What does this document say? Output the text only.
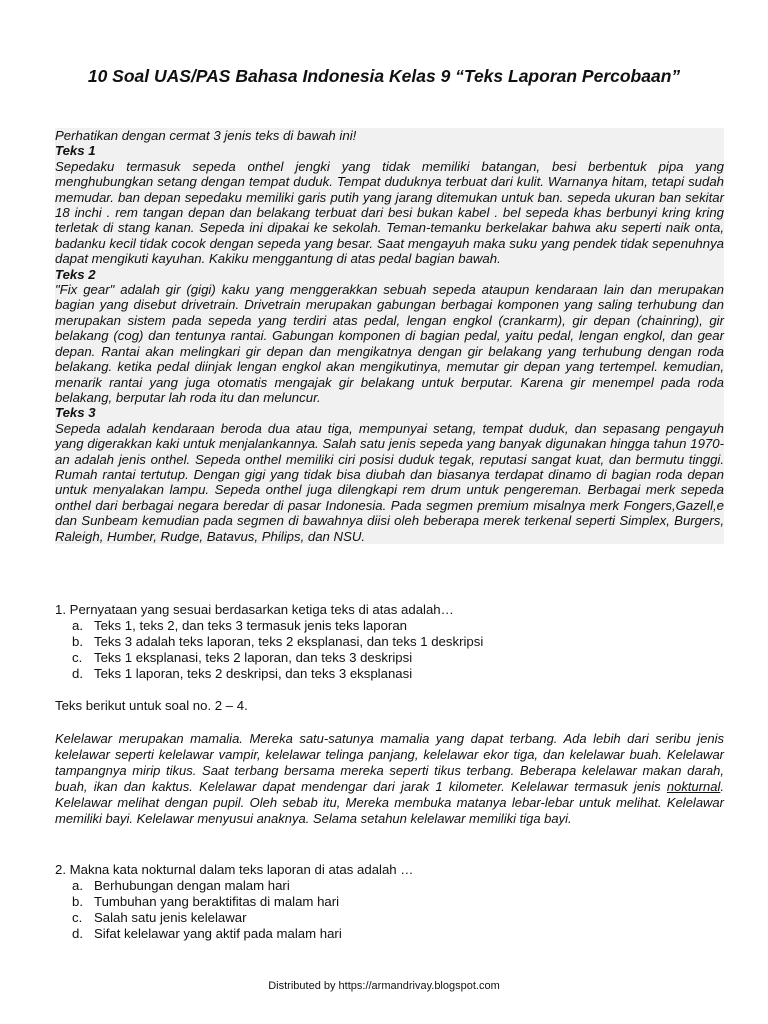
10 Soal UAS/PAS Bahasa Indonesia Kelas 9 “Teks Laporan Percobaan”
Perhatikan dengan cermat 3 jenis teks di bawah ini!
Teks 1
Sepedaku termasuk sepeda onthel jengki yang tidak memiliki batangan, besi berbentuk pipa yang menghubungkan setang dengan tempat duduk. Tempat duduknya terbuat dari kulit. Warnanya hitam, tetapi sudah memudar. ban depan sepedaku memiliki garis putih yang jarang ditemukan untuk ban. sepeda ukuran ban sekitar 18 inchi . rem tangan depan dan belakang terbuat dari besi bukan kabel . bel sepeda khas berbunyi kring kring terletak di stang kanan. Sepeda ini dipakai ke sekolah. Teman-temanku berkelakar bahwa aku seperti naik onta, badanku kecil tidak cocok dengan sepeda yang besar. Saat mengayuh maka suku yang pendek tidak sepenuhnya dapat mengikuti kayuhan. Kakiku menggantung di atas pedal bagian bawah.
Teks 2
"Fix gear" adalah gir (gigi) kaku yang menggerakkan sebuah sepeda ataupun kendaraan lain dan merupakan bagian yang disebut drivetrain. Drivetrain merupakan gabungan berbagai komponen yang saling terhubung dan merupakan sistem pada sepeda yang terdiri atas pedal, lengan engkol (crankarm), gir depan (chainring), gir belakang (cog) dan tentunya rantai. Gabungan komponen di bagian pedal, yaitu pedal, lengan engkol, dan gear depan. Rantai akan melingkari gir depan dan mengikatnya dengan gir belakang yang terhubung dengan roda belakang. ketika pedal diinjak lengan engkol akan mengikutinya, memutar gir depan yang tertempel. kemudian, menarik rantai yang juga otomatis mengajak gir belakang untuk berputar. Karena gir menempel pada roda belakang, berputar lah roda itu dan meluncur.
Teks 3
Sepeda adalah kendaraan beroda dua atau tiga, mempunyai setang, tempat duduk, dan sepasang pengayuh yang digerakkan kaki untuk menjalankannya. Salah satu jenis sepeda yang banyak digunakan hingga tahun 1970-an adalah jenis onthel. Sepeda onthel memiliki ciri posisi duduk tegak, reputasi sangat kuat, dan bermutu tinggi. Rumah rantai tertutup. Dengan gigi yang tidak bisa diubah dan biasanya terdapat dinamo di bagian roda depan untuk menyalakan lampu. Sepeda onthel juga dilengkapi rem drum untuk pengereman. Berbagai merk sepeda onthel dari berbagai negara beredar di pasar Indonesia. Pada segmen premium misalnya merk Fongers,Gazell,e dan Sunbeam kemudian pada segmen di bawahnya diisi oleh beberapa merek terkenal seperti Simplex, Burgers, Raleigh, Humber, Rudge, Batavus, Philips, dan NSU.
1. Pernyataan yang sesuai berdasarkan ketiga teks di atas adalah…
a. Teks 1, teks 2, dan teks 3 termasuk jenis teks laporan
b. Teks 3 adalah teks laporan, teks 2 eksplanasi, dan teks 1 deskripsi
c. Teks 1 eksplanasi, teks 2 laporan, dan teks 3 deskripsi
d. Teks 1 laporan, teks 2 deskripsi, dan teks 3 eksplanasi
Teks berikut untuk soal no. 2 – 4.
Kelelawar merupakan mamalia. Mereka satu-satunya mamalia yang dapat terbang. Ada lebih dari seribu jenis kelelawar seperti kelelawar vampir, kelelawar telinga panjang, kelelawar ekor tiga, dan kelelawar buah. Kelelawar tampangnya mirip tikus. Saat terbang bersama mereka seperti tikus terbang. Beberapa kelelawar makan darah, buah, ikan dan kaktus. Kelelawar dapat mendengar dari jarak 1 kilometer. Kelelawar termasuk jenis nokturnal. Kelelawar melihat dengan pupil. Oleh sebab itu, Mereka membuka matanya lebar-lebar untuk melihat. Kelelawar memiliki bayi. Kelelawar menyusui anaknya. Selama setahun kelelawar memiliki tiga bayi.
2. Makna kata nokturnal dalam teks laporan di atas adalah …
a. Berhubungan dengan malam hari
b. Tumbuhan yang beraktifitas di malam hari
c. Salah satu jenis kelelawar
d. Sifat kelelawar yang aktif pada malam hari
Distributed by https://armandrivay.blogspot.com
